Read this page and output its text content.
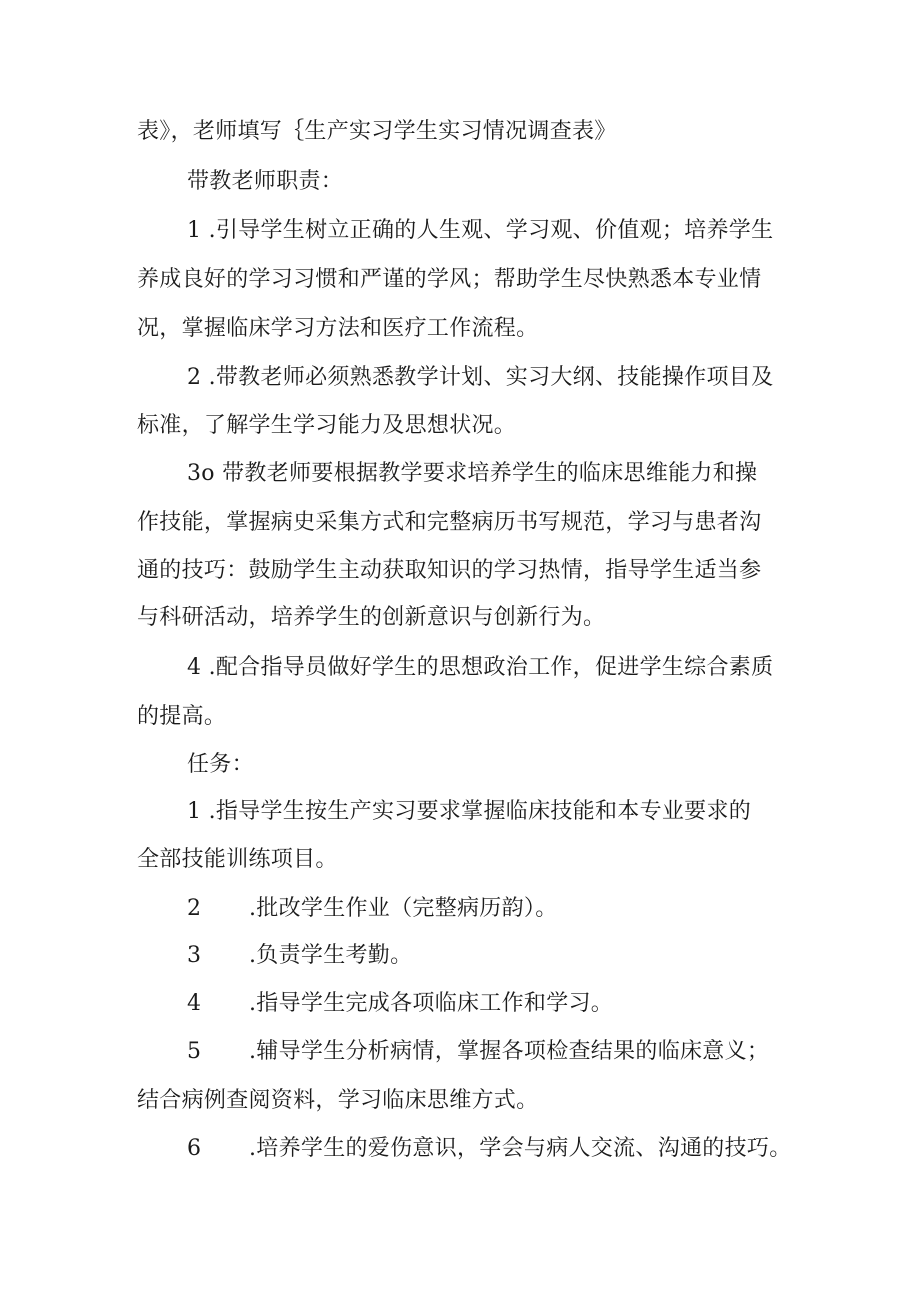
表》，老师填写｛生产实习学生实习情况调查表》
带教老师职责：
1 .引导学生树立正确的人生观、学习观、价值观；培养学生
养成良好的学习习惯和严谨的学风；帮助学生尽快熟悉本专业情
况，掌握临床学习方法和医疗工作流程。
2 .带教老师必须熟悉教学计划、实习大纲、技能操作项目及
标准，了解学生学习能力及思想状况。
3o 带教老师要根据教学要求培养学生的临床思维能力和操
作技能，掌握病史采集方式和完整病历书写规范，学习与患者沟
通的技巧：鼓励学生主动获取知识的学习热情，指导学生适当参
与科研活动，培养学生的创新意识与创新行为。
4 .配合指导员做好学生的思想政治工作，促进学生综合素质
的提高。
任务：
1 .指导学生按生产实习要求掌握临床技能和本专业要求的
全部技能训练项目。
2 .批改学生作业（完整病历韵）。
3 .负责学生考勤。
4 .指导学生完成各项临床工作和学习。
5 .辅导学生分析病情，掌握各项检查结果的临床意义；
结合病例查阅资料，学习临床思维方式。
6 .培养学生的爱伤意识，学会与病人交流、沟通的技巧。
